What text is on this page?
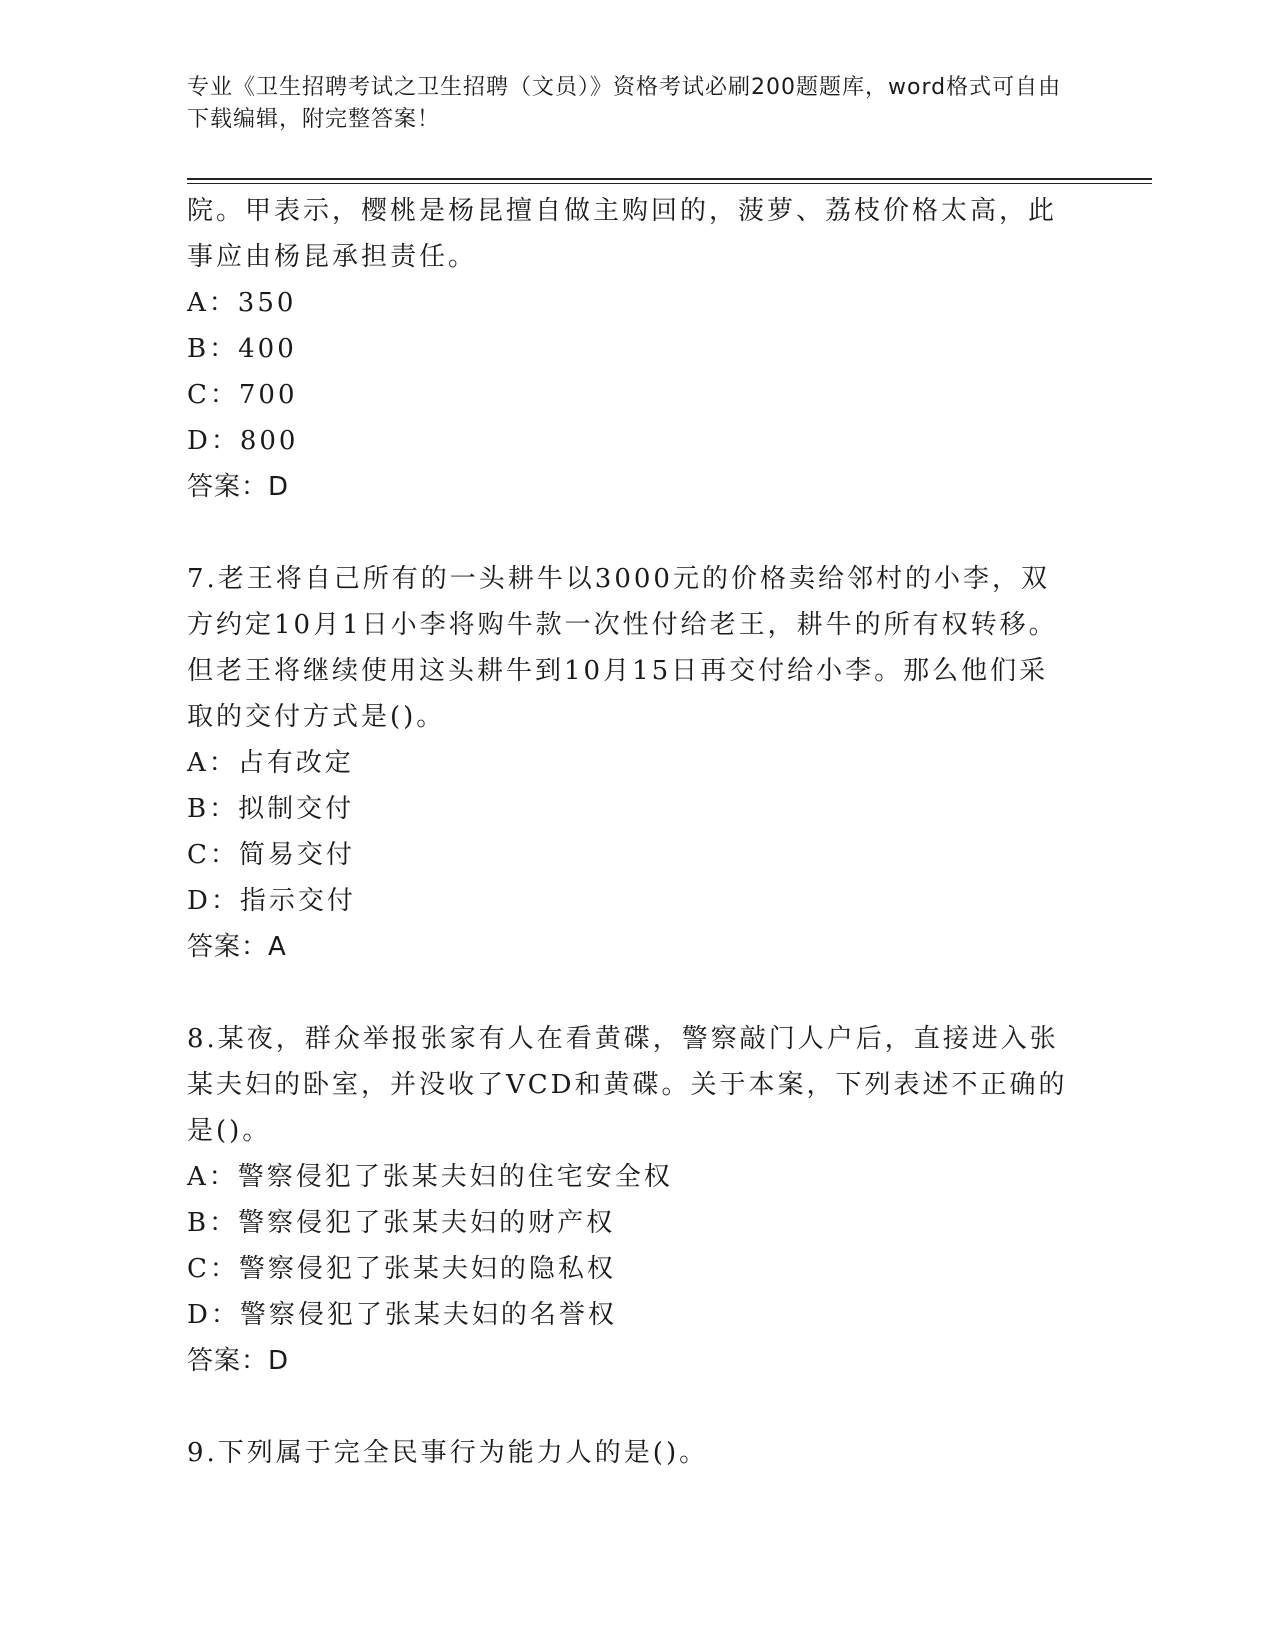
专业《卫生招聘考试之卫生招聘（文员）》资格考试必刷200题题库，word格式可自由下载编辑，附完整答案！

院。甲表示，樱桃是杨昆擅自做主购回的，菠萝、荔枝价格太高，此事应由杨昆承担责任。

A：350

B：400

C：700

D：800

答案：D

7.老王将自己所有的一头耕牛以3000元的价格卖给邻村的小李，双方约定10月1日小李将购牛款一次性付给老王，耕牛的所有权转移。但老王将继续使用这头耕牛到10月15日再交付给小李。那么他们采取的交付方式是()。

A：占有改定

B：拟制交付

C：简易交付

D：指示交付

答案：A

8.某夜，群众举报张家有人在看黄碟，警察敲门人户后，直接进入张某夫妇的卧室，并没收了VCD和黄碟。关于本案，下列表述不正确的是()。

A：警察侵犯了张某夫妇的住宅安全权

B：警察侵犯了张某夫妇的财产权

C：警察侵犯了张某夫妇的隐私权

D：警察侵犯了张某夫妇的名誉权

答案：D

9.下列属于完全民事行为能力人的是()。
